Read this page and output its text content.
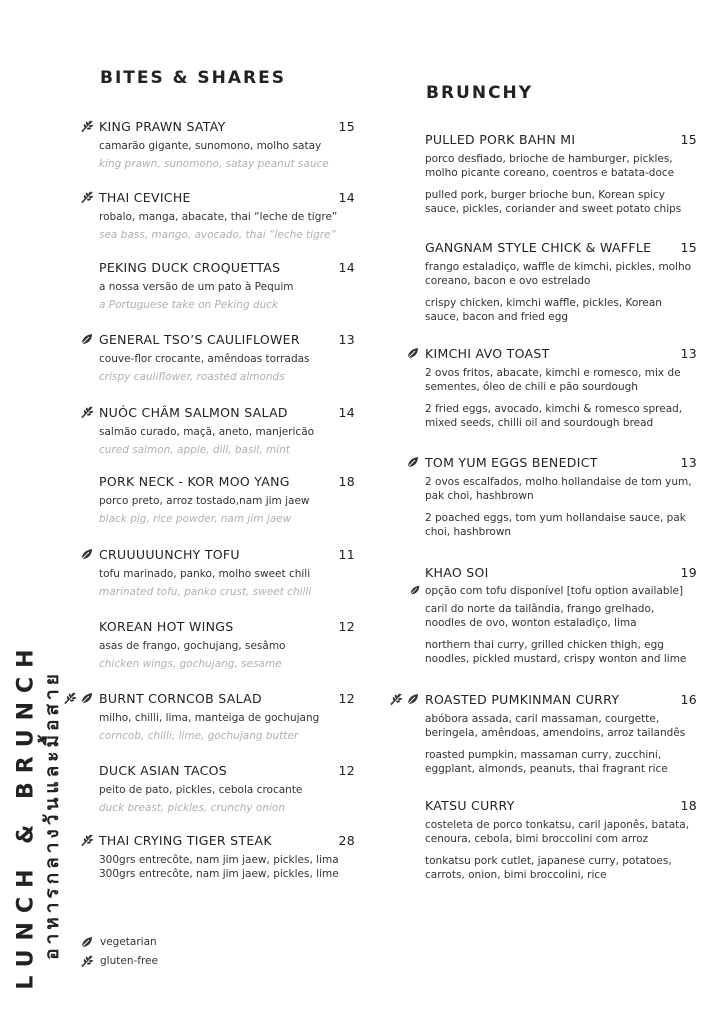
LUNCH & BRUNCH อาหารกลางวันและมื้อสาย
BITES & SHARES
KING PRAWN SATAY	15
camarão gigante, sunomono, molho satay
king prawn, sunomono, satay peanut sauce
THAI CEVICHE	14
robalo, manga, abacate, thai “leche de tigre”
sea bass, mango, avocado, thai “leche tigre”
PEKING DUCK CROQUETTAS	14
a nossa versão de um pato à Pequim
a Portuguese take on Peking duck
GENERAL TSO’S CAULIFLOWER	13
couve-flor crocante, amêndoas torradas
crispy cauliflower, roasted almonds
NUÓC CHÂM SALMON SALAD	14
salmão curado, maçã, aneto, manjericão
cured salmon, apple, dill, basil, mint
PORK NECK - KOR MOO YANG	18
porco preto, arroz tostado,nam jim jaew
black pig, rice powder, nam jim jaew
CRUUUUUNCHY TOFU	11
tofu marinado, panko, molho sweet chili
marinated tofu, panko crust, sweet chilli
KOREAN HOT WINGS	12
asas de frango, gochujang, sesâmo
chicken wings, gochujang, sesame
BURNT CORNCOB SALAD	12
milho, chilli, lima, manteiga de gochujang
corncob, chilli, lime, gochujang butter
DUCK ASIAN TACOS	12
peito de pato, pickles, cebola crocante
duck breast, pickles, crunchy onion
THAI CRYING TIGER STEAK	28
300grs entrecôte, nam jim jaew, pickles, lima
300grs entrecôte, nam jim jaew, pickles, lime
BRUNCHY
PULLED PORK BAHN MI	15
porco desfiado, brioche de hamburger, pickles, molho picante coreano, coentros e batata-doce
pulled pork, burger brioche bun, Korean spicy sauce, pickles, coriander and sweet potato chips
GANGNAM STYLE CHICK & WAFFLE 15
frango estaladiço, waffle de kimchi, pickles, molho coreano, bacon e ovo estrelado
crispy chicken, kimchi waffle, pickles, Korean sauce, bacon and fried egg
KIMCHI AVO TOAST	13
2 ovos fritos, abacate, kimchi e romesco, mix de sementes, óleo de chili e pão sourdough
2 fried eggs, avocado, kimchi & romesco spread, mixed seeds, chilli oil and sourdough bread
TOM YUM EGGS BENEDICT	13
2 ovos escalfados, molho hollandaise de tom yum, pak choi, hashbrown
2 poached eggs, tom yum hollandaise sauce, pak choi, hashbrown
KHAO SOI	19
opção com tofu disponível [tofu option available]
caril do norte da tailândia, frango grelhado, noodles de ovo, wonton estaladiço, lima
northern thai curry, grilled chicken thigh, egg noodles, pickled mustard, crispy wonton and lime
ROASTED PUMKINMAN CURRY	16
abóbora assada, caril massaman, courgette, beringela, amêndoas, amendoins, arroz tailandês
roasted pumpkin, massaman curry, zucchini, eggplant, almonds, peanuts, thai fragrant rice
KATSU CURRY	18
costeleta de porco tonkatsu, caril japonês, batata, cenoura, cebola, bimi broccolini com arroz
tonkatsu pork cutlet, japanese curry, potatoes, carrots, onion, bimi broccolini, rice
vegetarian
gluten-free
